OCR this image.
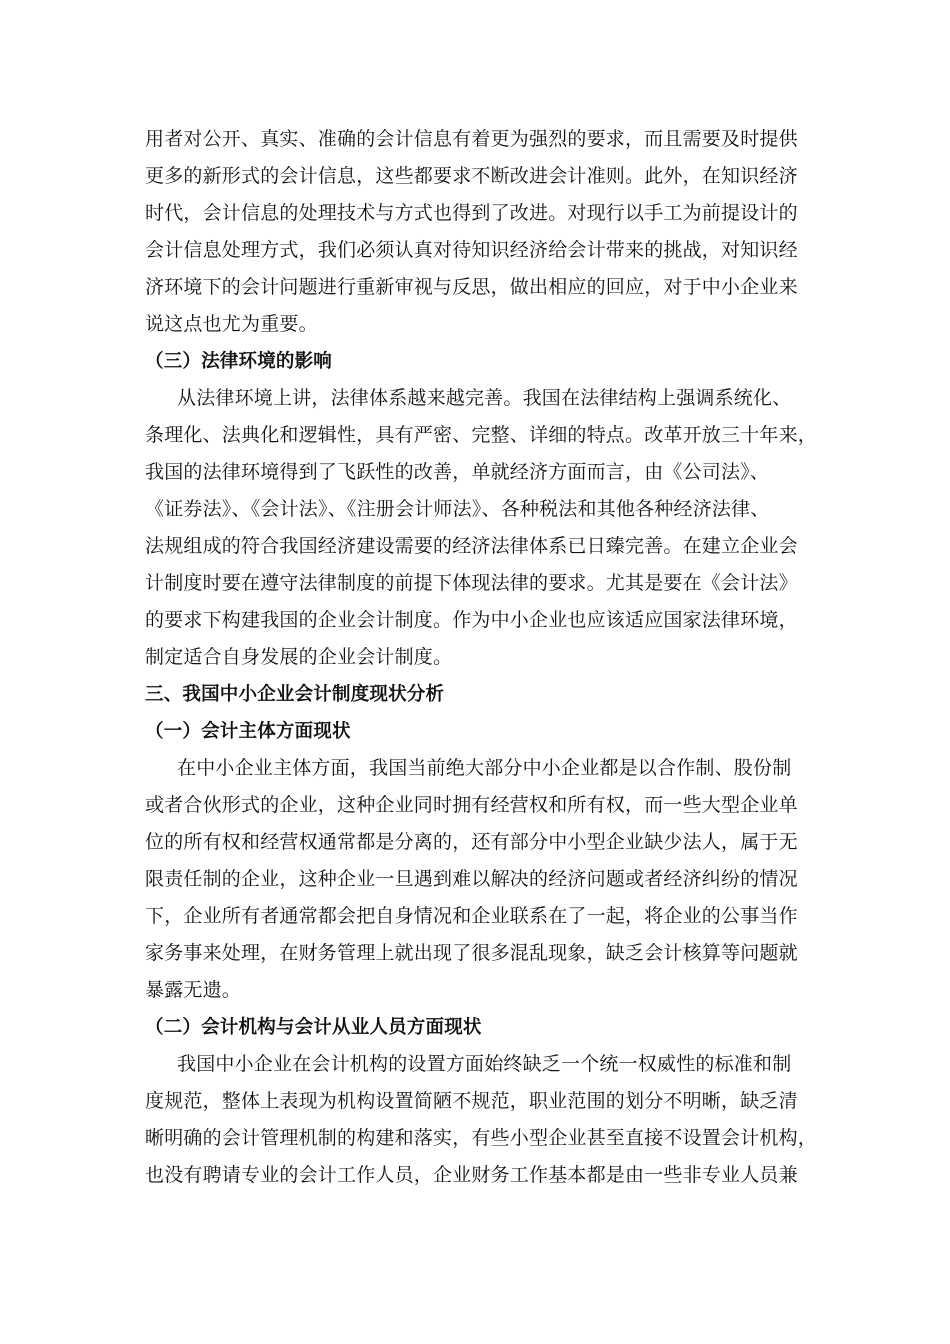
用者对公开、真实、准确的会计信息有着更为强烈的要求，而且需要及时提供
更多的新形式的会计信息，这些都要求不断改进会计准则。此外，在知识经济
时代，会计信息的处理技术与方式也得到了改进。对现行以手工为前提设计的
会计信息处理方式，我们必须认真对待知识经济给会计带来的挑战，对知识经
济环境下的会计问题进行重新审视与反思，做出相应的回应，对于中小企业来
说这点也尤为重要。
（三）法律环境的影响
从法律环境上讲，法律体系越来越完善。我国在法律结构上强调系统化、
条理化、法典化和逻辑性，具有严密、完整、详细的特点。改革开放三十年来，
我国的法律环境得到了飞跃性的改善，单就经济方面而言，由《公司法》、
《证券法》、《会计法》、《注册会计师法》、各种税法和其他各种经济法律、
法规组成的符合我国经济建设需要的经济法律体系已日臻完善。在建立企业会
计制度时要在遵守法律制度的前提下体现法律的要求。尤其是要在《会计法》
的要求下构建我国的企业会计制度。作为中小企业也应该适应国家法律环境，
制定适合自身发展的企业会计制度。
三、我国中小企业会计制度现状分析
（一）会计主体方面现状
在中小企业主体方面，我国当前绝大部分中小企业都是以合作制、股份制
或者合伙形式的企业，这种企业同时拥有经营权和所有权，而一些大型企业单
位的所有权和经营权通常都是分离的，还有部分中小型企业缺少法人，属于无
限责任制的企业，这种企业一旦遇到难以解决的经济问题或者经济纠纷的情况
下，企业所有者通常都会把自身情况和企业联系在了一起，将企业的公事当作
家务事来处理，在财务管理上就出现了很多混乱现象，缺乏会计核算等问题就
暴露无遗。
（二）会计机构与会计从业人员方面现状
我国中小企业在会计机构的设置方面始终缺乏一个统一权威性的标准和制
度规范，整体上表现为机构设置简陋不规范，职业范围的划分不明晰，缺乏清
晰明确的会计管理机制的构建和落实，有些小型企业甚至直接不设置会计机构，
也没有聘请专业的会计工作人员，企业财务工作基本都是由一些非专业人员兼
